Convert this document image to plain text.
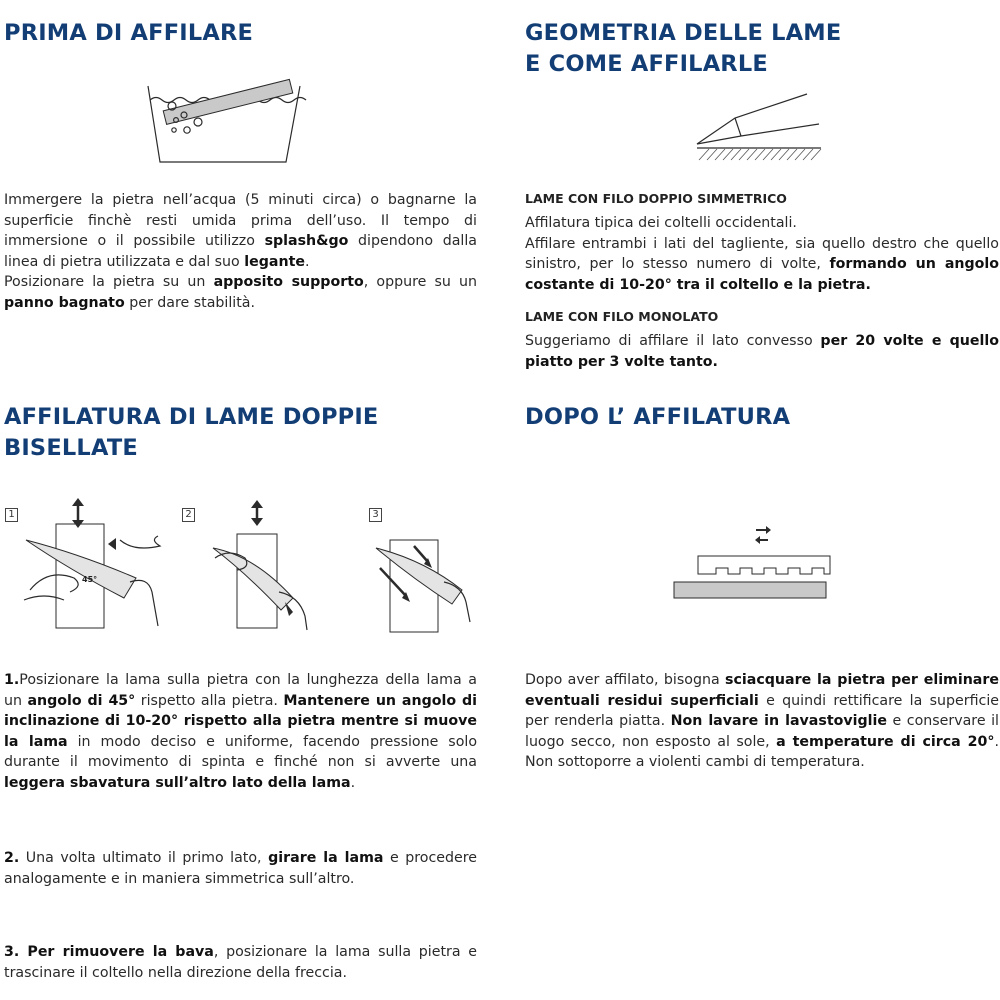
PRIMA DI AFFILARE

Immergere la pietra nell’acqua (5 minuti circa) o bagnarne la superficie finchè resti umida prima dell’uso. Il tempo di immersione o il possibile utilizzo splash&go dipendono dalla linea di pietra utilizzata e dal suo legante.
Posizionare la pietra su un apposito supporto, oppure su un panno bagnato per dare stabilità.

GEOMETRIA DELLE LAME
E COME AFFILARLE
LAME CON FILO DOPPIO SIMMETRICO

Affilatura tipica dei coltelli occidentali.
Affilare entrambi i lati del tagliente, sia quello destro che quello sinistro, per lo stesso numero di volte, formando un angolo costante di 10-20° tra il coltello e la pietra.

LAME CON FILO MONOLATO

Suggeriamo di affilare il lato convesso per 20 volte e quello piatto per 3 volte tanto.

AFFILATURA DI LAME DOPPIE
BISELLATE
1	2	3
45°

1.Posizionare la lama sulla pietra con la lunghezza della lama a un angolo di 45° rispetto alla pietra. Mantenere un angolo di inclinazione di 10-20° rispetto alla pietra mentre si muove la lama in modo deciso e uniforme, facendo pressione solo durante il movimento di spinta e finché non si avverte una leggera sbavatura sull’altro lato della lama.

2. Una volta ultimato il primo lato, girare la lama e procedere analogamente e in maniera simmetrica sull’altro.

3. Per rimuovere la bava, posizionare la lama sulla pietra e trascinare il coltello nella direzione della freccia.

DOPO L’ AFFILATURA

Dopo aver affilato, bisogna sciacquare la pietra per eliminare eventuali residui superficiali e quindi rettificare la superficie per renderla piatta. Non lavare in lavastoviglie e conservare il luogo secco, non esposto al sole, a temperature di circa 20°. Non sottoporre a violenti cambi di temperatura.
